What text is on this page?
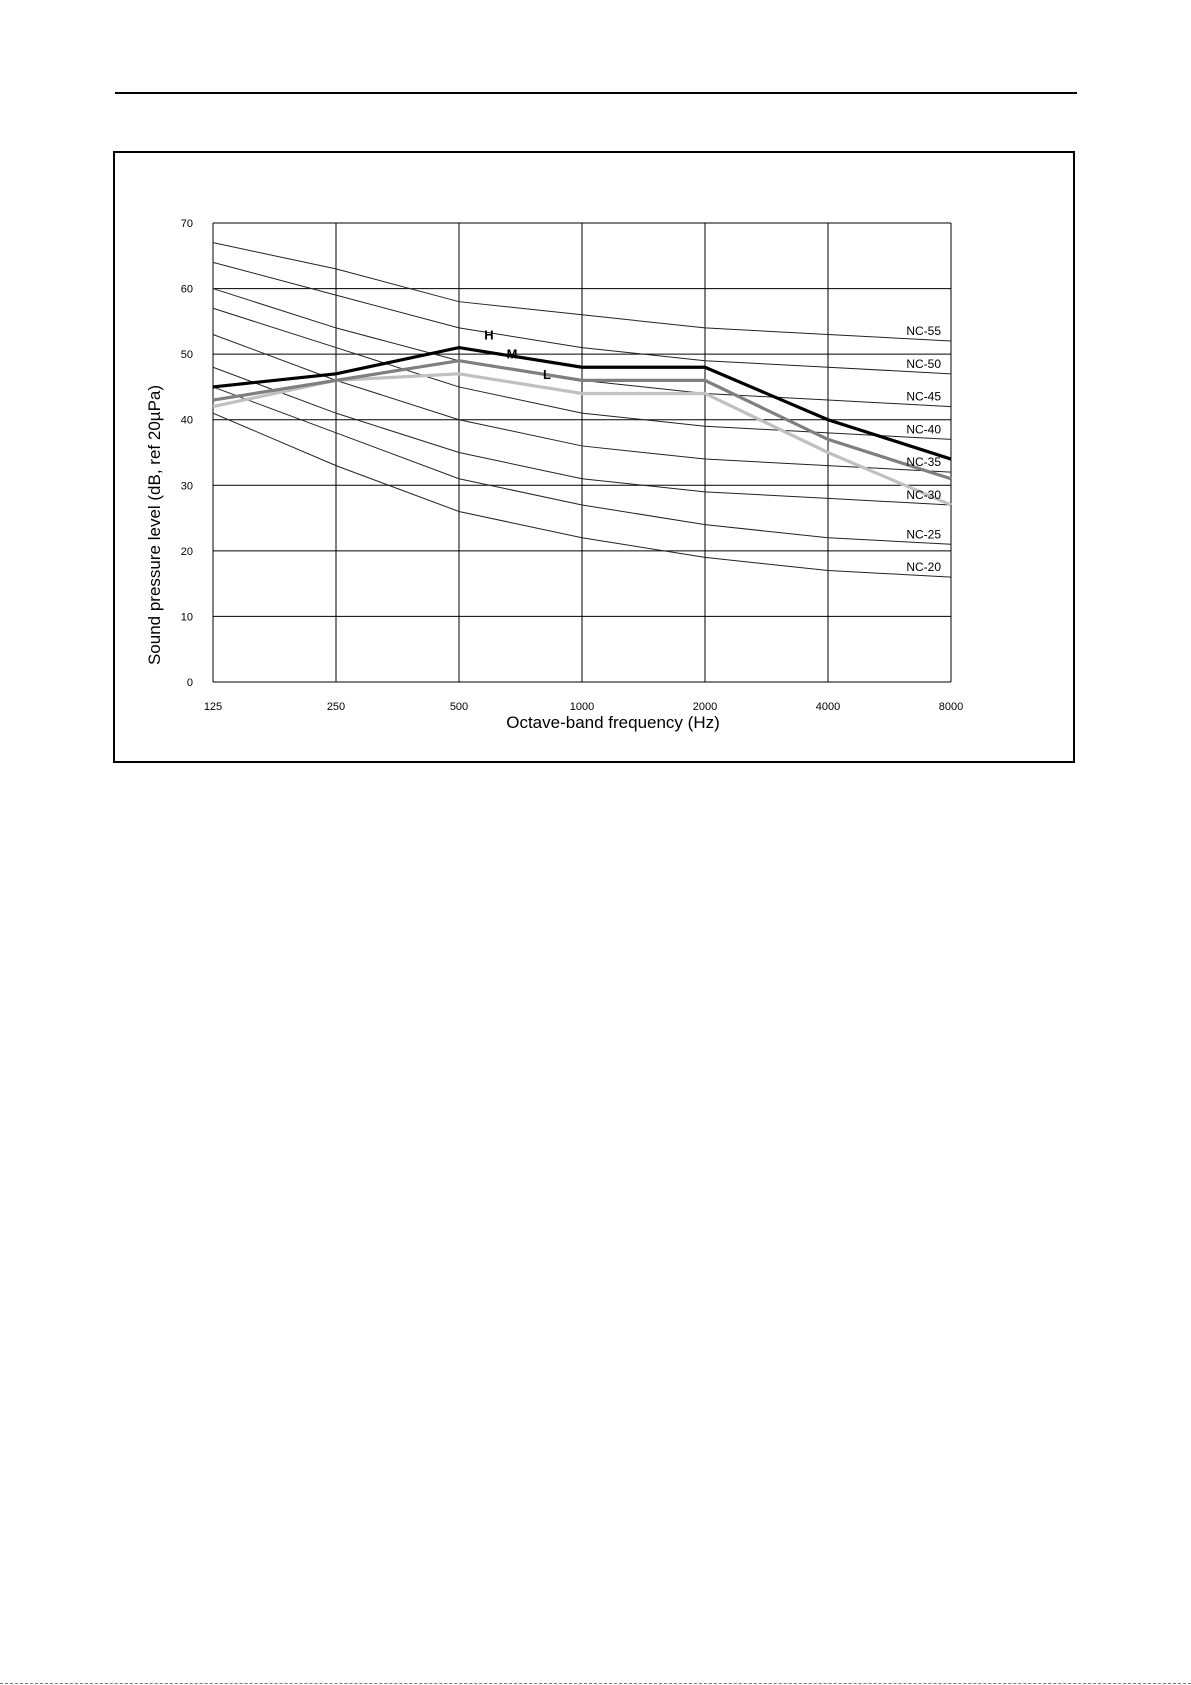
0
10
20
30
40
50
60
70
125	250	500	1000	2000	4000	8000
NC-55
NC-50
NC-45
NC-40
NC-35
NC-30
NC-25
NC-20
H
M
L
Octave-band frequency (Hz)
Sound pressure level (dB, ref 20µPa)
